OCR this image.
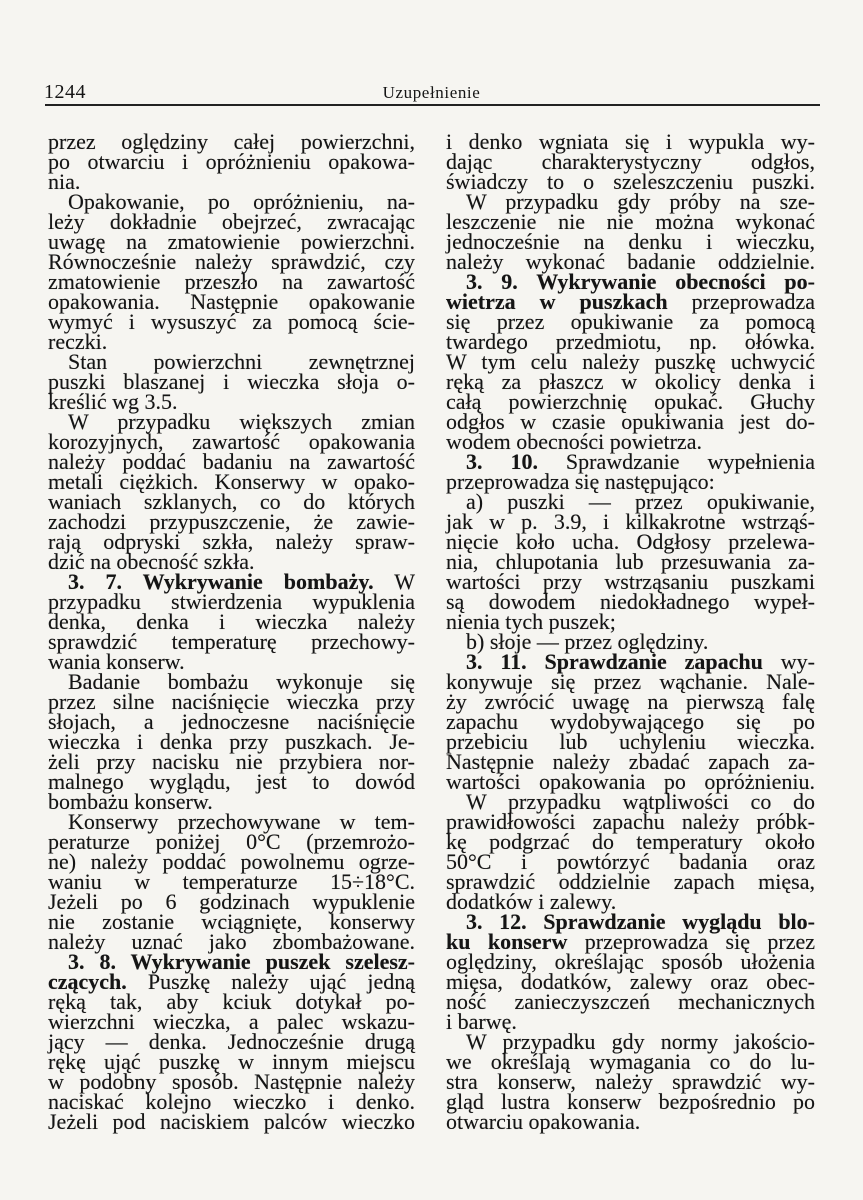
1244	Uzupełnienie
przez oględziny całej powierzchni,
po otwarciu i opróżnieniu opakowa-
nia.
Opakowanie, po opróżnieniu, na-
leży dokładnie obejrzeć, zwracając
uwagę na zmatowienie powierzchni.
Równocześnie należy sprawdzić, czy
zmatowienie przeszło na zawartość
opakowania. Następnie opakowanie
wymyć i wysuszyć za pomocą ście-
reczki.
Stan powierzchni zewnętrznej
puszki blaszanej i wieczka słoja o-
kreślić wg 3.5.
W przypadku większych zmian
korozyjnych, zawartość opakowania
należy poddać badaniu na zawartość
metali ciężkich. Konserwy w opako-
waniach szklanych, co do których
zachodzi przypuszczenie, że zawie-
rają odpryski szkła, należy spraw-
dzić na obecność szkła.
3. 7. Wykrywanie bombaży. W
przypadku stwierdzenia wypuklenia
denka, denka i wieczka należy
sprawdzić temperaturę przechowy-
wania konserw.
Badanie bombażu wykonuje się
przez silne naciśnięcie wieczka przy
słojach, a jednoczesne naciśnięcie
wieczka i denka przy puszkach. Je-
żeli przy nacisku nie przybiera nor-
malnego wyglądu, jest to dowód
bombażu konserw.
Konserwy przechowywane w tem-
peraturze poniżej 0°C (przemrożo-
ne) należy poddać powolnemu ogrze-
waniu w temperaturze 15÷18°C.
Jeżeli po 6 godzinach wypuklenie
nie zostanie wciągnięte, konserwy
należy uznać jako zbombażowane.
3. 8. Wykrywanie puszek szelesz-
czących. Puszkę należy ująć jedną
ręką tak, aby kciuk dotykał po-
wierzchni wieczka, a palec wskazu-
jący — denka. Jednocześnie drugą
rękę ująć puszkę w innym miejscu
w podobny sposób. Następnie należy
naciskać kolejno wieczko i denko.
Jeżeli pod naciskiem palców wieczko
i denko wgniata się i wypukla wy-
dając charakterystyczny odgłos,
świadczy to o szeleszczeniu puszki.
W przypadku gdy próby na sze-
leszczenie nie nie można wykonać
jednocześnie na denku i wieczku,
należy wykonać badanie oddzielnie.
3. 9. Wykrywanie obecności po-
wietrza w puszkach przeprowadza
się przez opukiwanie za pomocą
twardego przedmiotu, np. ołówka.
W tym celu należy puszkę uchwycić
ręką za płaszcz w okolicy denka i
całą powierzchnię opukać. Głuchy
odgłos w czasie opukiwania jest do-
wodem obecności powietrza.
3. 10. Sprawdzanie wypełnienia
przeprowadza się następująco:
a) puszki — przez opukiwanie,
jak w p. 3.9, i kilkakrotne wstrząś-
nięcie koło ucha. Odgłosy przelewa-
nia, chlupotania lub przesuwania za-
wartości przy wstrząsaniu puszkami
są dowodem niedokładnego wypeł-
nienia tych puszek;
b) słoje — przez oględziny.
3. 11. Sprawdzanie zapachu wy-
konywuje się przez wąchanie. Nale-
ży zwrócić uwagę na pierwszą falę
zapachu wydobywającego się po
przebiciu lub uchyleniu wieczka.
Następnie należy zbadać zapach za-
wartości opakowania po opróżnieniu.
W przypadku wątpliwości co do
prawidłowości zapachu należy próbk-
kę podgrzać do temperatury około
50°C i powtórzyć badania oraz
sprawdzić oddzielnie zapach mięsa,
dodatków i zalewy.
3. 12. Sprawdzanie wyglądu blo-
ku konserw przeprowadza się przez
oględziny, określając sposób ułożenia
mięsa, dodatków, zalewy oraz obec-
ność zanieczyszczeń mechanicznych
i barwę.
W przypadku gdy normy jakościo-
we określają wymagania co do lu-
stra konserw, należy sprawdzić wy-
gląd lustra konserw bezpośrednio po
otwarciu opakowania.
